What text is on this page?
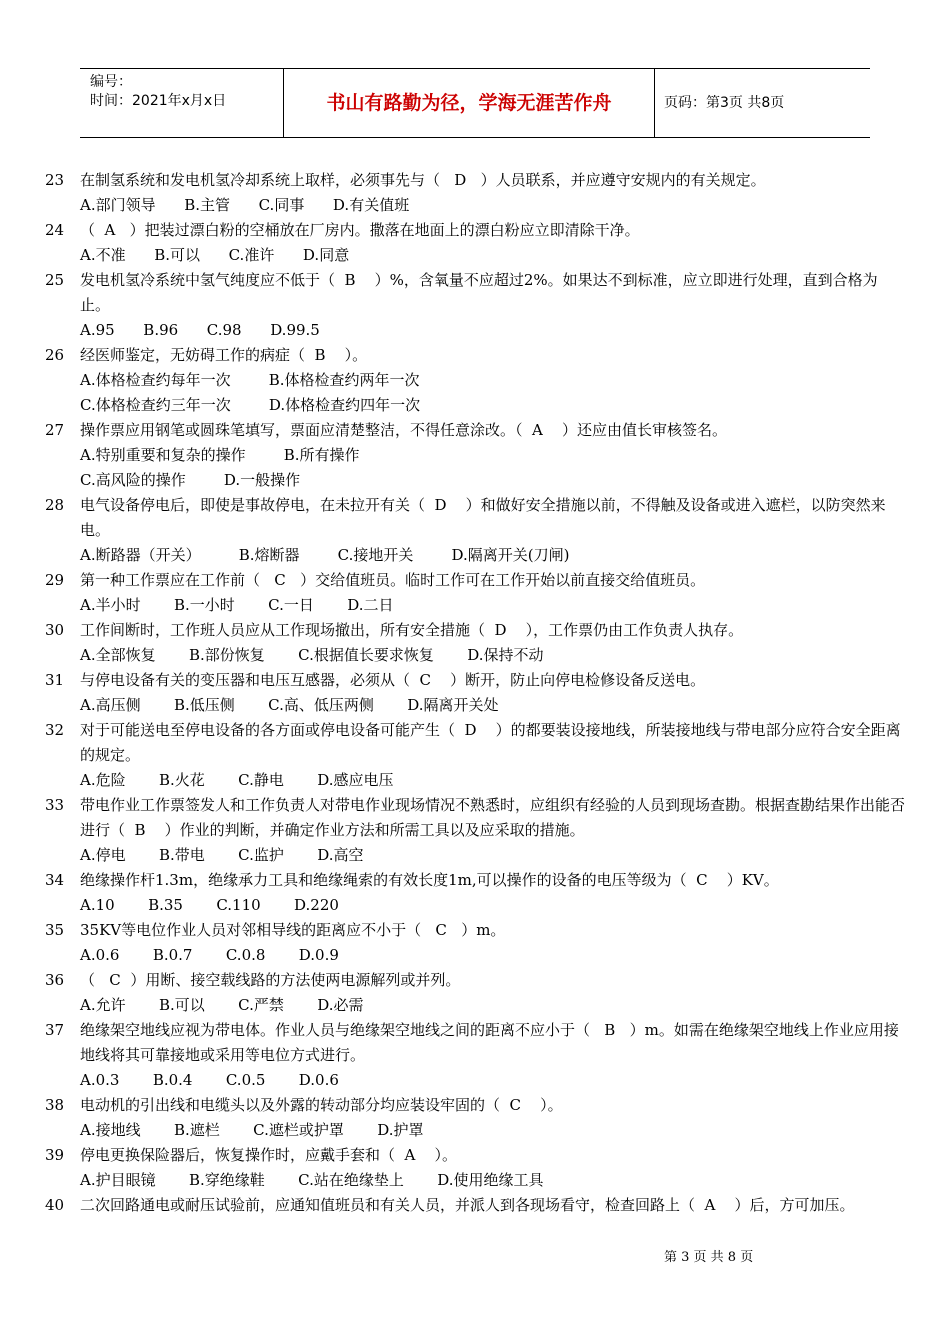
编号：
时间：2021年x月x日	书山有路勤为径，学海无涯苦作舟	页码：第3页 共8页
23	在制氢系统和发电机氢冷却系统上取样，必须事先与（   D   ）人员联系，并应遵守安规内的有关规定。
A.部门领导      B.主管      C.同事      D.有关值班
24	（  A   ）把装过漂白粉的空桶放在厂房内。撒落在地面上的漂白粉应立即清除干净。
A.不准      B.可以      C.准许      D.同意
25	发电机氢冷系统中氢气纯度应不低于（  B    ）%，含氧量不应超过2%。如果达不到标准，应立即进行处理，直到合格为止。
A.95      B.96      C.98      D.99.5
26	经医师鉴定，无妨碍工作的病症（  B    ）。
A.体格检查约每年一次        B.体格检查约两年一次
C.体格检查约三年一次        D.体格检查约四年一次
27	操作票应用钢笔或圆珠笔填写，票面应清楚整洁，不得任意涂改。（  A    ）还应由值长审核签名。
A.特别重要和复杂的操作        B.所有操作
C.高风险的操作        D.一般操作
28	电气设备停电后，即使是事故停电，在未拉开有关（  D    ）和做好安全措施以前，不得触及设备或进入遮栏，以防突然来电。
A.断路器（开关）        B.熔断器        C.接地开关        D.隔离开关(刀闸)
29	第一种工作票应在工作前（   C   ）交给值班员。临时工作可在工作开始以前直接交给值班员。
A.半小时       B.一小时       C.一日       D.二日
30	工作间断时，工作班人员应从工作现场撤出，所有安全措施（  D    ），工作票仍由工作负责人执存。
A.全部恢复       B.部份恢复       C.根据值长要求恢复       D.保持不动
31	与停电设备有关的变压器和电压互感器，必须从（  C    ）断开，防止向停电检修设备反送电。
A.高压侧       B.低压侧       C.高、低压两侧       D.隔离开关处
32	对于可能送电至停电设备的各方面或停电设备可能产生（  D    ）的都要装设接地线，所装接地线与带电部分应符合安全距离的规定。
A.危险       B.火花       C.静电       D.感应电压
33	带电作业工作票签发人和工作负责人对带电作业现场情况不熟悉时，应组织有经验的人员到现场查勘。根据查勘结果作出能否进行（  B    ）作业的判断，并确定作业方法和所需工具以及应采取的措施。
A.停电       B.带电       C.监护       D.高空
34	绝缘操作杆1.3m，绝缘承力工具和绝缘绳索的有效长度1m,可以操作的设备的电压等级为（  C    ）KV。
A.10       B.35       C.110       D.220
35	35KV等电位作业人员对邻相导线的距离应不小于（   C   ）m。
A.0.6       B.0.7       C.0.8       D.0.9
36	（   C  ）用断、接空载线路的方法使两电源解列或并列。
A.允许       B.可以       C.严禁       D.必需
37	绝缘架空地线应视为带电体。作业人员与绝缘架空地线之间的距离不应小于（   B   ）m。如需在绝缘架空地线上作业应用接地线将其可靠接地或采用等电位方式进行。
A.0.3       B.0.4       C.0.5       D.0.6
38	电动机的引出线和电缆头以及外露的转动部分均应装设牢固的（  C    ）。
A.接地线       B.遮栏       C.遮栏或护罩       D.护罩
39	停电更换保险器后，恢复操作时，应戴手套和（  A    ）。
A.护目眼镜       B.穿绝缘鞋       C.站在绝缘垫上       D.使用绝缘工具
40	二次回路通电或耐压试验前，应通知值班员和有关人员，并派人到各现场看守，检查回路上（  A    ）后，方可加压。
第 3 页 共 8 页
